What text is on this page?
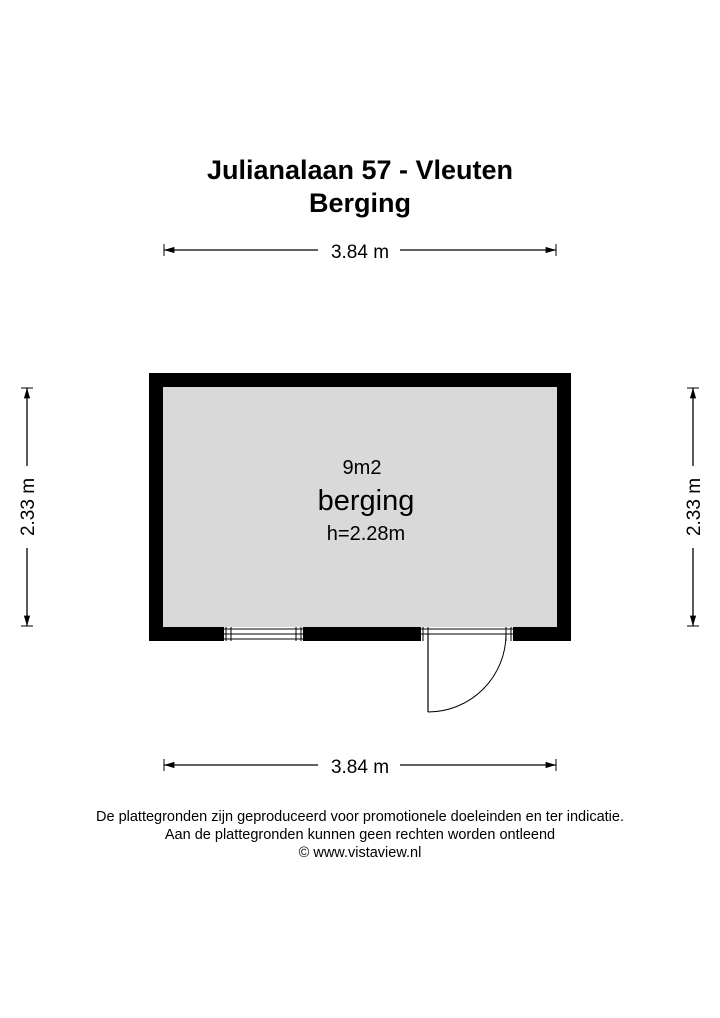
Julianalaan 57 - Vleuten
Berging
3.84 m
2.33 m	2.33 m
9m2
berging
h=2.28m
3.84 m
De plattegronden zijn geproduceerd voor promotionele doeleinden en ter indicatie.
Aan de plattegronden kunnen geen rechten worden ontleend
© www.vistaview.nl
